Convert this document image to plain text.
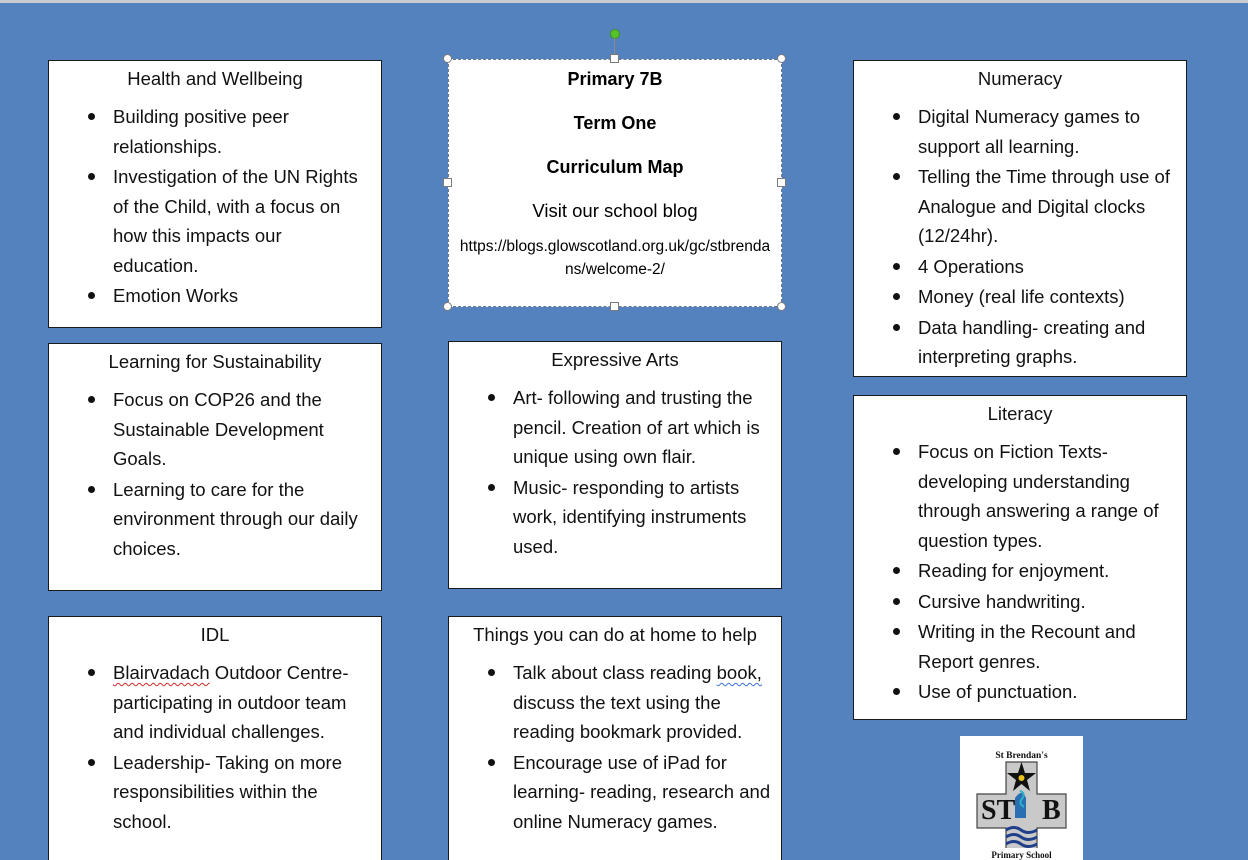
Health and Wellbeing
Building positive peer relationships.
Investigation of the UN Rights of the Child, with a focus on how this impacts our education.
Emotion Works
Primary 7B
Term One
Curriculum Map
Visit our school blog
https://blogs.glowscotland.org.uk/gc/stbrendans/welcome-2/
Numeracy
Digital Numeracy games to support all learning.
Telling the Time through use of Analogue and Digital clocks (12/24hr).
4 Operations
Money (real life contexts)
Data handling- creating and interpreting graphs.
Learning for Sustainability
Focus on COP26 and the Sustainable Development Goals.
Learning to care for the environment through our daily choices.
Expressive Arts
Art- following and trusting the pencil. Creation of art which is unique using own flair.
Music- responding to artists work, identifying instruments used.
Literacy
Focus on Fiction Texts- developing understanding through answering a range of question types.
Reading for enjoyment.
Cursive handwriting.
Writing in the Recount and Report genres.
Use of punctuation.
IDL
Blairvadach Outdoor Centre- participating in outdoor team and individual challenges.
Leadership- Taking on more responsibilities within the school.
Things you can do at home to help
Talk about class reading book, discuss the text using the reading bookmark provided.
Encourage use of iPad for learning- reading, research and online Numeracy games.
St Brendan's
ST B
Primary School
